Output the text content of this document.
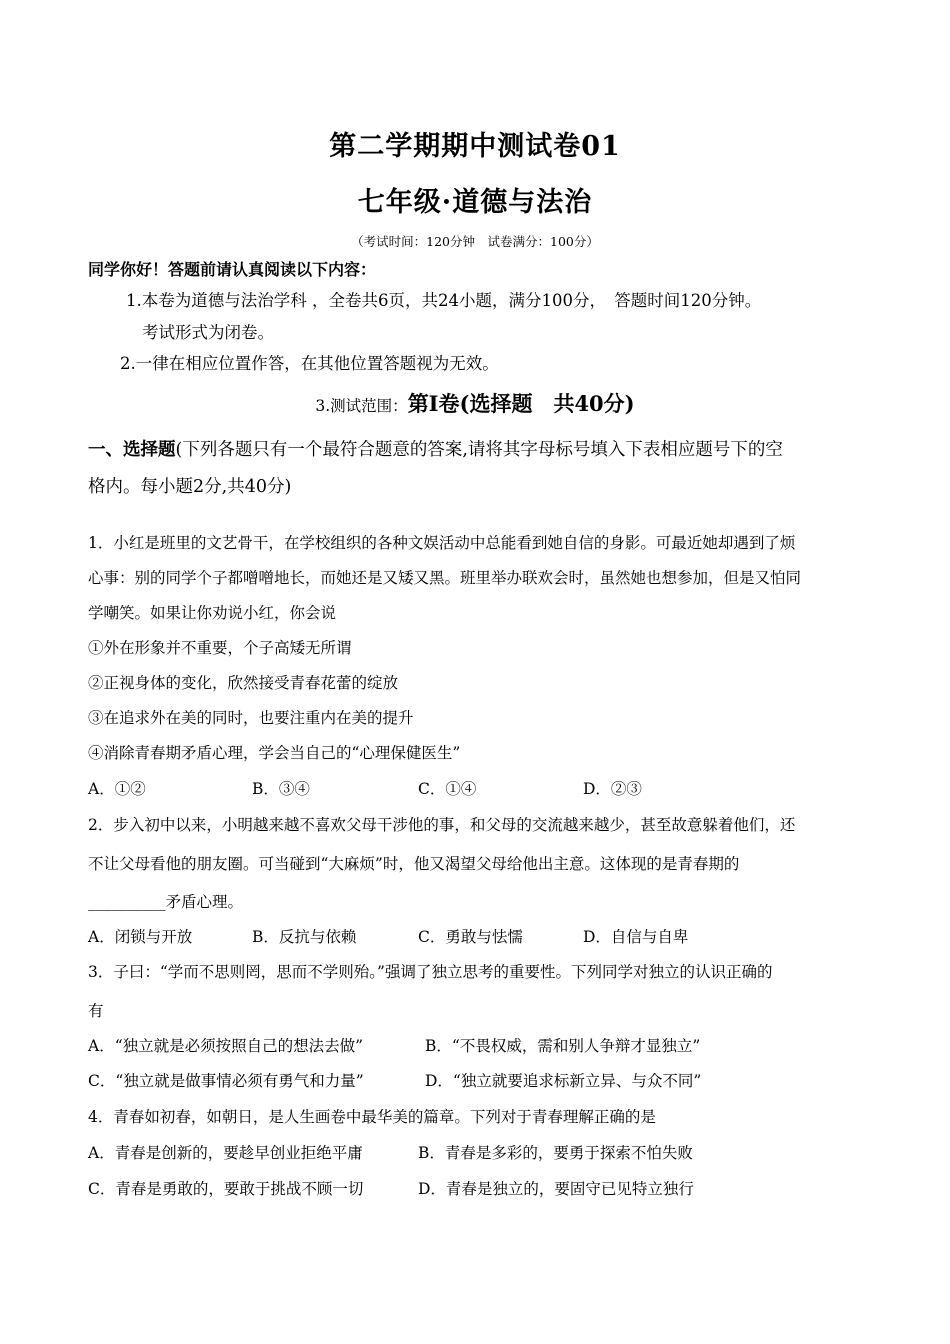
第二学期期中测试卷01
七年级·道德与法治
（考试时间：120分钟　试卷满分：100分）
同学你好！答题前请认真阅读以下内容：
1.本卷为道德与法治学科 ，全卷共6页，共24小题，满分100分，　答题时间120分钟。
考试形式为闭卷。
2.一律在相应位置作答，在其他位置答题视为无效。
3.测试范围：第Ⅰ卷(选择题　共40分)
一、选择题(下列各题只有一个最符合题意的答案,请将其字母标号填入下表相应题号下的空
格内。每小题2分,共40分)
1．小红是班里的文艺骨干，在学校组织的各种文娱活动中总能看到她自信的身影。可最近她却遇到了烦
心事：别的同学个子都噌噌地长，而她还是又矮又黑。班里举办联欢会时，虽然她也想参加，但是又怕同
学嘲笑。如果让你劝说小红，你会说
①外在形象并不重要，个子高矮无所谓
②正视身体的变化，欣然接受青春花蕾的绽放
③在追求外在美的同时，也要注重内在美的提升
④消除青春期矛盾心理，学会当自己的“心理保健医生”
A．①②	B．③④	C．①④	D．②③
2．步入初中以来，小明越来越不喜欢父母干涉他的事，和父母的交流越来越少，甚至故意躲着他们，还
不让父母看他的朋友圈。可当碰到“大麻烦”时，他又渴望父母给他出主意。这体现的是青春期的
__________矛盾心理。
A．闭锁与开放	B．反抗与依赖	C．勇敢与怯懦	D．自信与自卑
3．子曰：“学而不思则罔，思而不学则殆。”强调了独立思考的重要性。下列同学对独立的认识正确的
有
A．“独立就是必须按照自己的想法去做”	B．“不畏权威，需和别人争辩才显独立”
C．“独立就是做事情必须有勇气和力量”	D．“独立就要追求标新立异、与众不同”
4．青春如初春，如朝日，是人生画卷中最华美的篇章。下列对于青春理解正确的是
A．青春是创新的，要趁早创业拒绝平庸	B．青春是多彩的，要勇于探索不怕失败
C．青春是勇敢的，要敢于挑战不顾一切	D．青春是独立的，要固守已见特立独行
